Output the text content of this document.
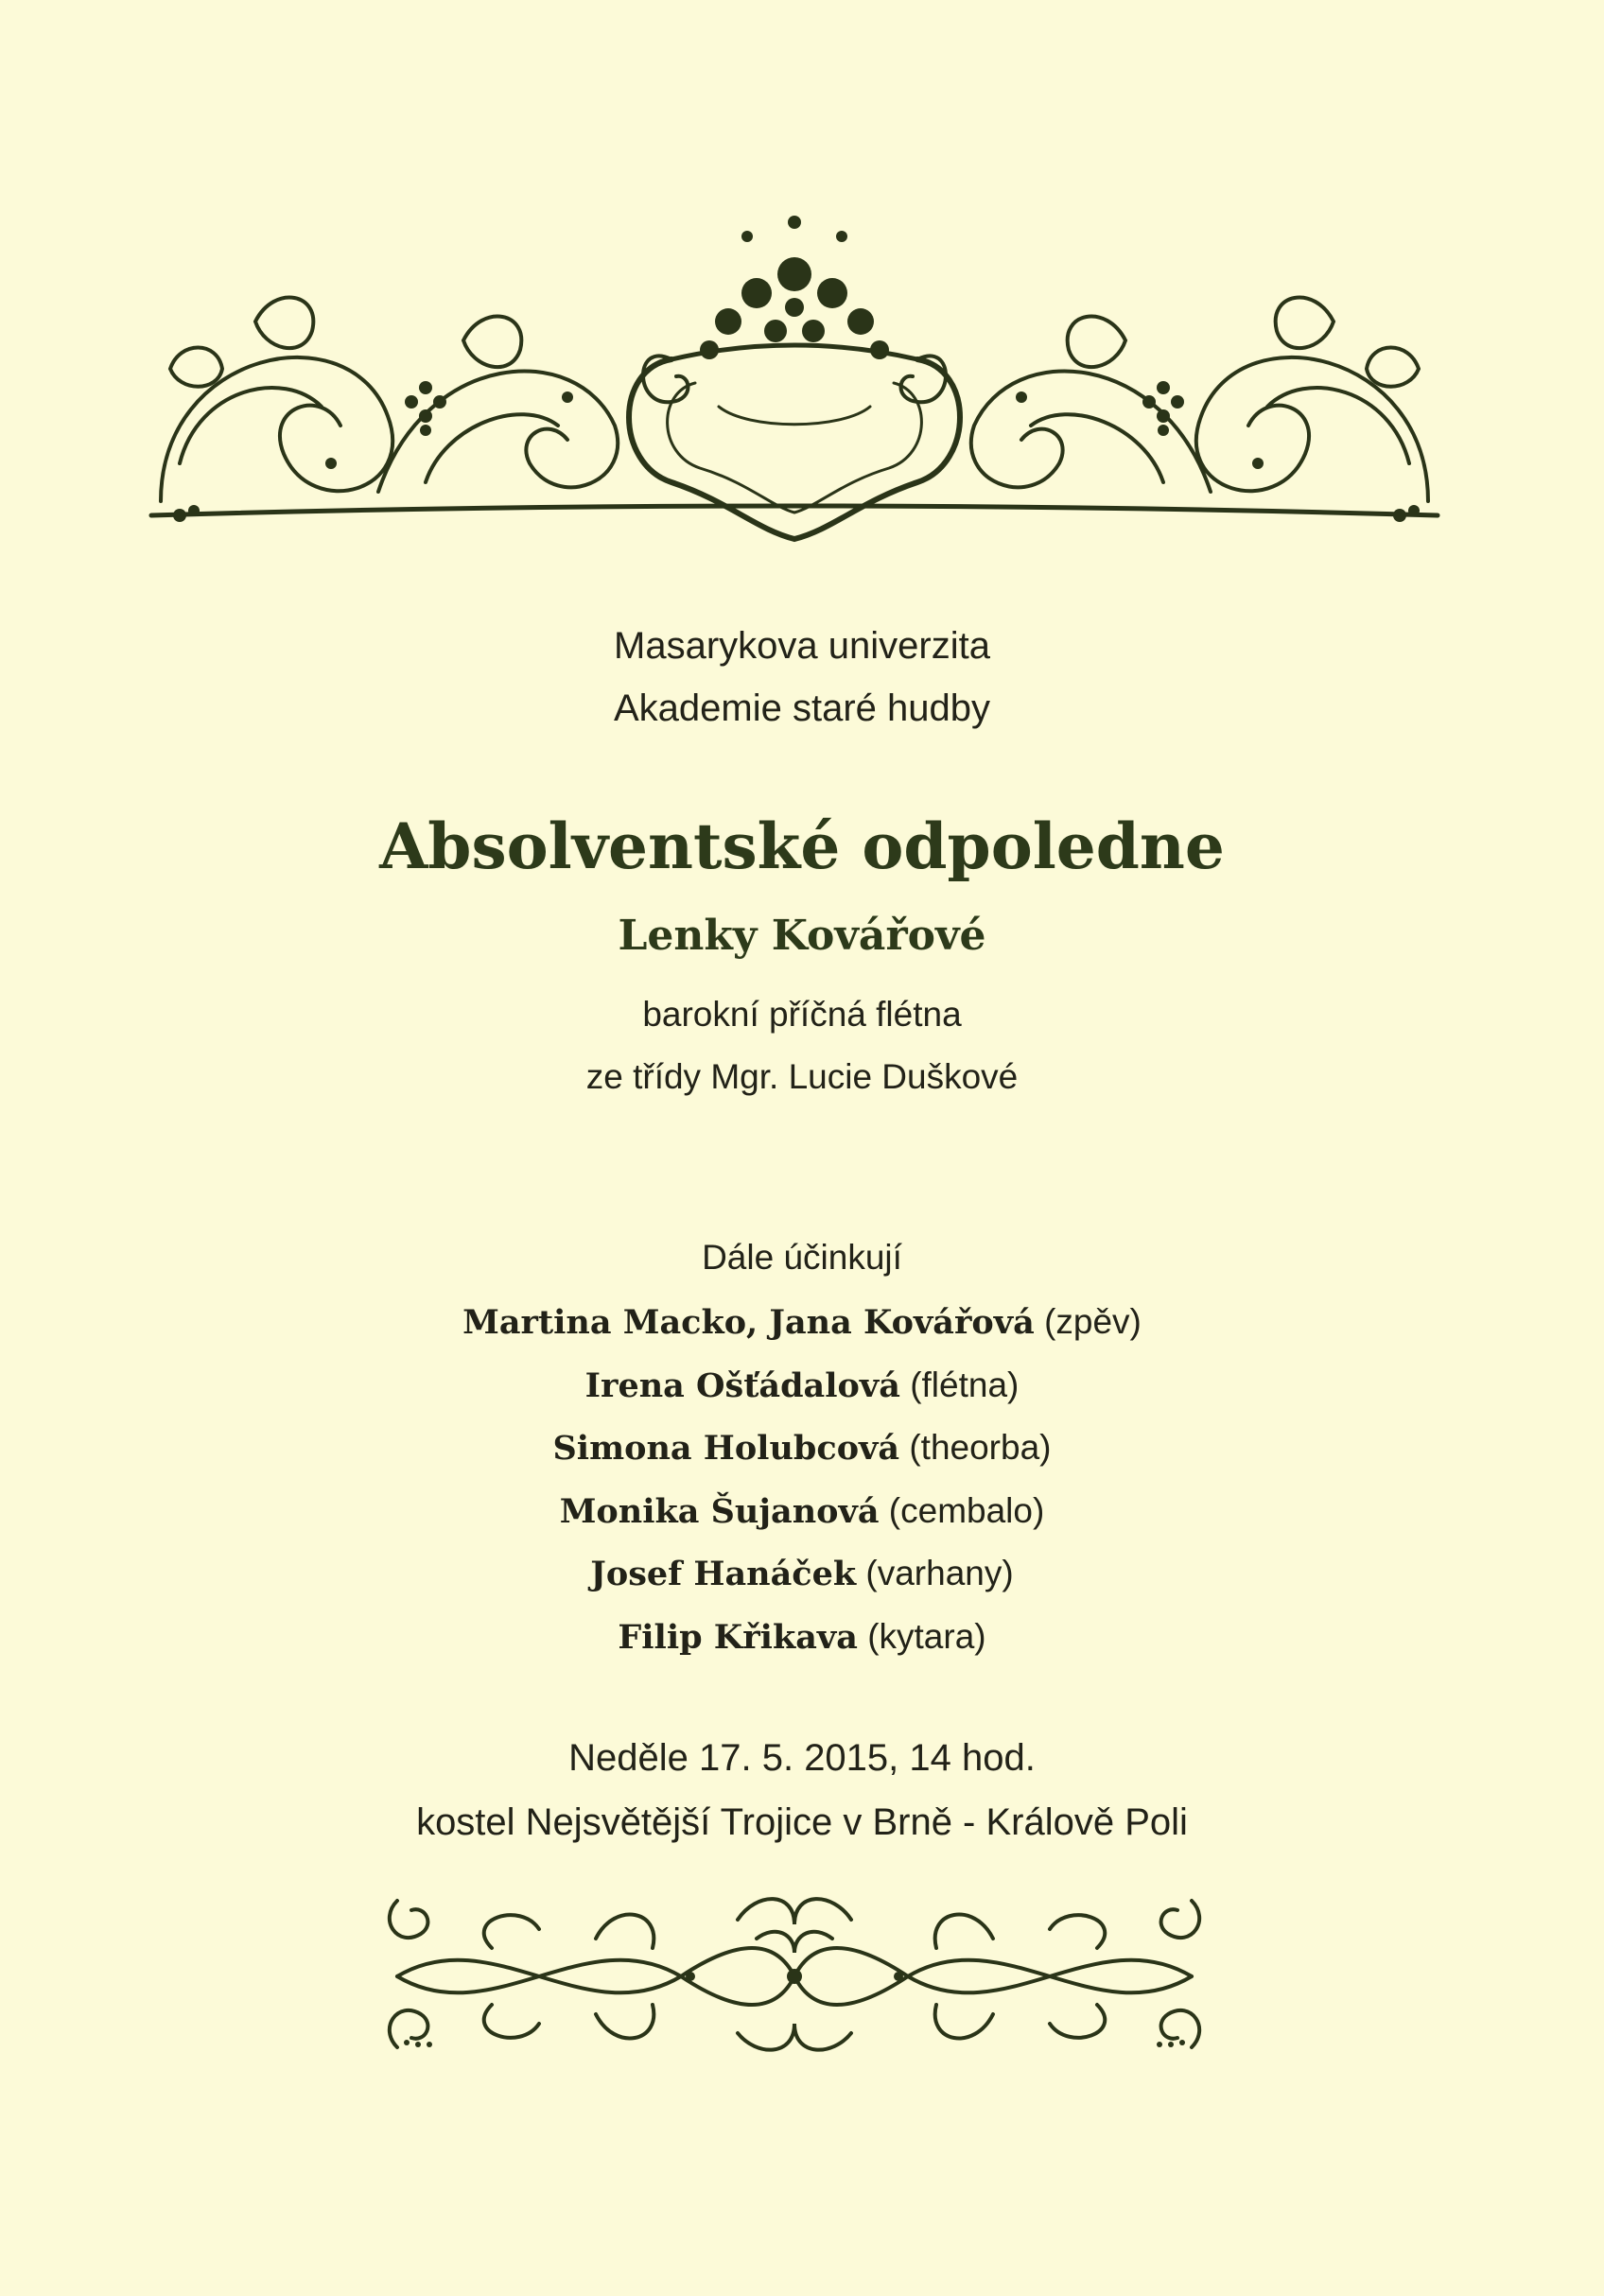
Masarykova univerzita
Akademie staré hudby
Absolventské odpoledne
Lenky Kovářové
barokní příčná flétna
ze třídy Mgr. Lucie Duškové
Dále účinkují
Martina Macko, Jana Kovářová (zpěv)
Irena Ošťádalová (flétna)
Simona Holubcová (theorba)
Monika Šujanová (cembalo)
Josef Hanáček (varhany)
Filip Křikava (kytara)
Neděle 17. 5. 2015, 14 hod.
kostel Nejsvětější Trojice v Brně - Králově Poli
